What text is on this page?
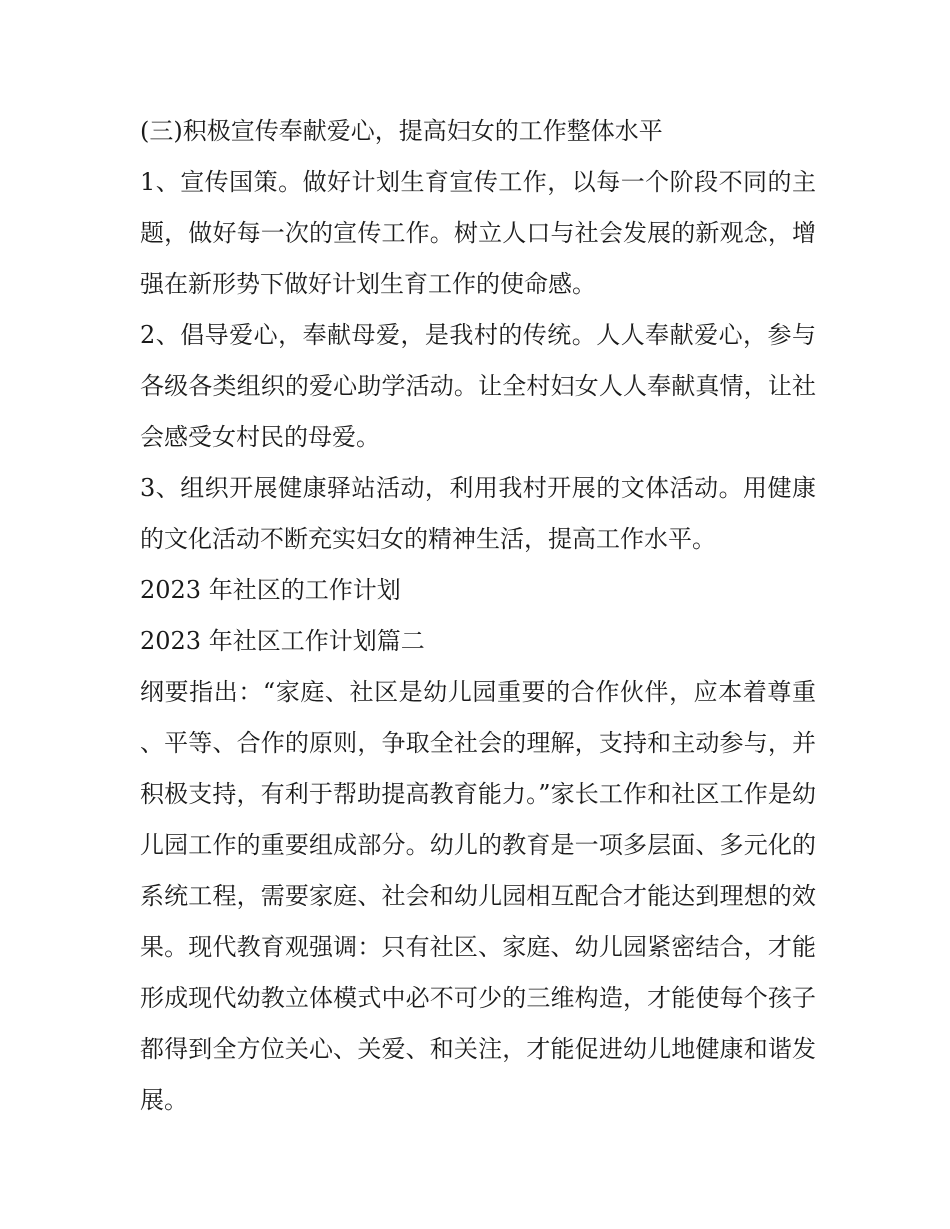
(三)积极宣传奉献爱心，提高妇女的工作整体水平

1、宣传国策。做好计划生育宣传工作，以每一个阶段不同的主题，做好每一次的宣传工作。树立人口与社会发展的新观念，增强在新形势下做好计划生育工作的使命感。

2、倡导爱心，奉献母爱，是我村的传统。人人奉献爱心，参与各级各类组织的爱心助学活动。让全村妇女人人奉献真情，让社会感受女村民的母爱。

3、组织开展健康驿站活动，利用我村开展的文体活动。用健康的文化活动不断充实妇女的精神生活，提高工作水平。

2023 年社区的工作计划

2023 年社区工作计划篇二

纲要指出：“家庭、社区是幼儿园重要的合作伙伴，应本着尊重、平等、合作的原则，争取全社会的理解，支持和主动参与，并积极支持，有利于帮助提高教育能力。”家长工作和社区工作是幼儿园工作的重要组成部分。幼儿的教育是一项多层面、多元化的系统工程，需要家庭、社会和幼儿园相互配合才能达到理想的效果。现代教育观强调：只有社区、家庭、幼儿园紧密结合，才能形成现代幼教立体模式中必不可少的三维构造，才能使每个孩子都得到全方位关心、关爱、和关注，才能促进幼儿地健康和谐发展。
